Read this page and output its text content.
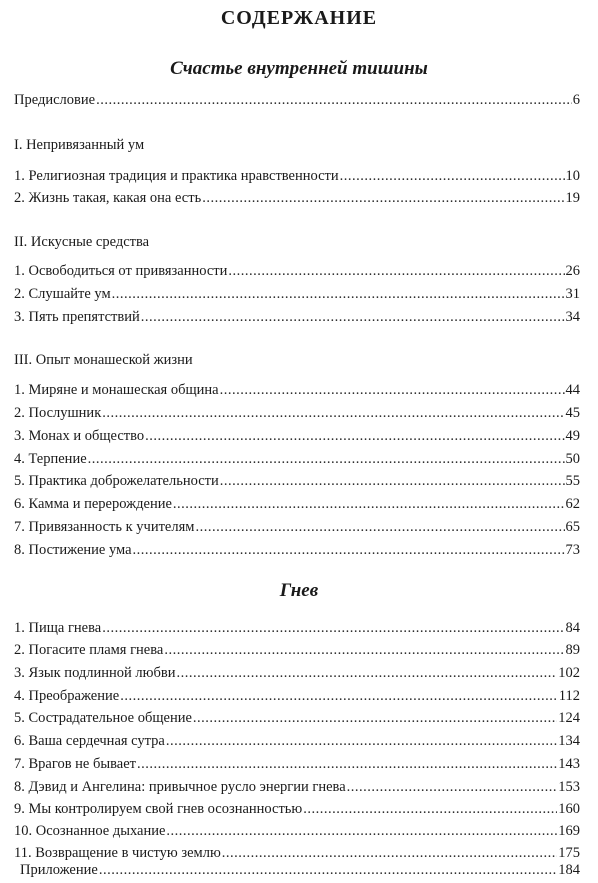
СОДЕРЖАНИЕ
Счастье внутренней тишины
Предисловие .....	6
I. Непривязанный ум
1. Религиозная традиция и практика нравственности .....	10
2. Жизнь такая, какая она есть .....	19
II. Искусные средства
1. Освободиться от привязанности .....	26
2. Слушайте ум .....	31
3. Пять препятствий .....	34
III. Опыт монашеской жизни
1. Миряне и монашеская община .....	44
2. Послушник .....	45
3. Монах и общество .....	49
4. Терпение .....	50
5. Практика доброжелательности .....	55
6. Камма и перерождение .....	62
7. Привязанность к учителям .....	65
8. Постижение ума .....	73
Гнев
1. Пища гнева .....	84
2. Погасите пламя гнева .....	89
3. Язык подлинной любви .....	102
4. Преображение .....	112
5. Сострадательное общение .....	124
6. Ваша сердечная сутра .....	134
7. Врагов не бывает .....	143
8. Дэвид и Ангелина: привычное русло энергии гнева .....	153
9. Мы контролируем свой гнев осознанностью .....	160
10. Осознанное дыхание .....	169
11. Возвращение в чистую землю .....	175
Приложение .....	184
